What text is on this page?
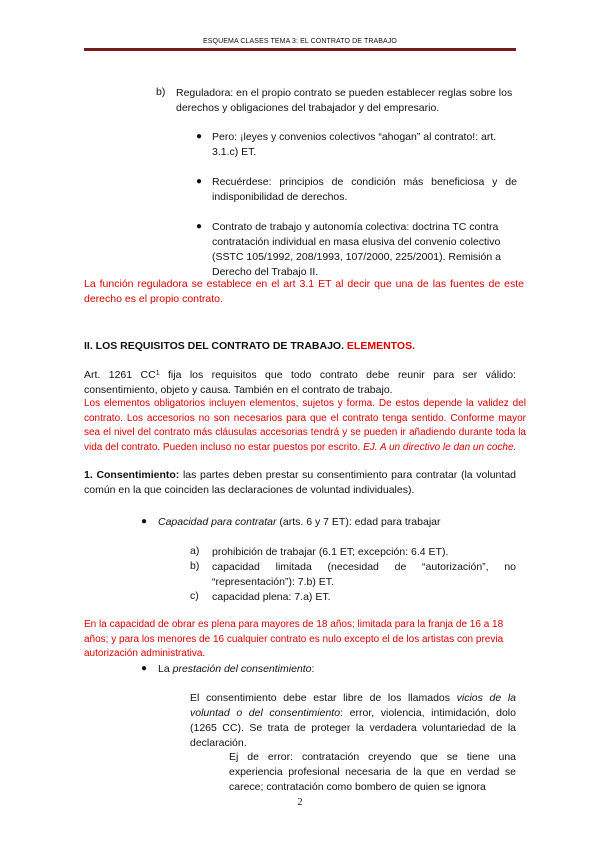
ESQUEMA CLASES TEMA 3: EL CONTRATO DE TRABAJO
b) Reguladora: en el propio contrato se pueden establecer reglas sobre los derechos y obligaciones del trabajador y del empresario.

● Pero: ¡leyes y convenios colectivos “ahogan” al contrato!: art. 3.1.c) ET.

● Recuérdese: principios de condición más beneficiosa y de indisponibilidad de derechos.

● Contrato de trabajo y autonomía colectiva: doctrina TC contra contratación individual en masa elusiva del convenio colectivo (SSTC 105/1992, 208/1993, 107/2000, 225/2001). Remisión a Derecho del Trabajo II.

La función reguladora se establece en el art 3.1 ET al decir que una de las fuentes de este derecho es el propio contrato.

II. LOS REQUISITOS DEL CONTRATO DE TRABAJO. ELEMENTOS.

Art. 1261 $CC^1$ fija los requisitos que todo contrato debe reunir para ser válido: consentimiento, objeto y causa. También en el contrato de trabajo.

Los elementos obligatorios incluyen elementos, sujetos y forma. De estos depende la validez del contrato. Los accesorios no son necesarios para que el contrato tenga sentido. Conforme mayor sea el nivel del contrato más cláusulas accesorias tendrá y se pueden ir añadiendo durante toda la vida del contrato. Pueden incluso no estar puestos por escrito. EJ. A un directivo le dan un coche.

1. Consentimiento: las partes deben prestar su consentimiento para contratar (la voluntad común en la que coinciden las declaraciones de voluntad individuales).

● Capacidad para contratar (arts. 6 y 7 ET): edad para trabajar

a) prohibición de trabajar (6.1 ET; excepción: 6.4 ET).

b) capacidad limitada (necesidad de “autorización”, no “representación”): 7.b) ET.

c) capacidad plena: 7.a) ET.

En la capacidad de obrar es plena para mayores de 18 años; limitada para la franja de 16 a 18 años; y para los menores de 16 cualquier contrato es nulo excepto el de los artistas con previa autorización administrativa.

● La prestación del consentimiento:

El consentimiento debe estar libre de los llamados vicios de la voluntad o del consentimiento: error, violencia, intimidación, dolo (1265 CC). Se trata de proteger la verdadera voluntariedad de la declaración.

Ej de error: contratación creyendo que se tiene una experiencia profesional necesaria de la que en verdad se carece; contratación como bombero de quien se ignora

2
